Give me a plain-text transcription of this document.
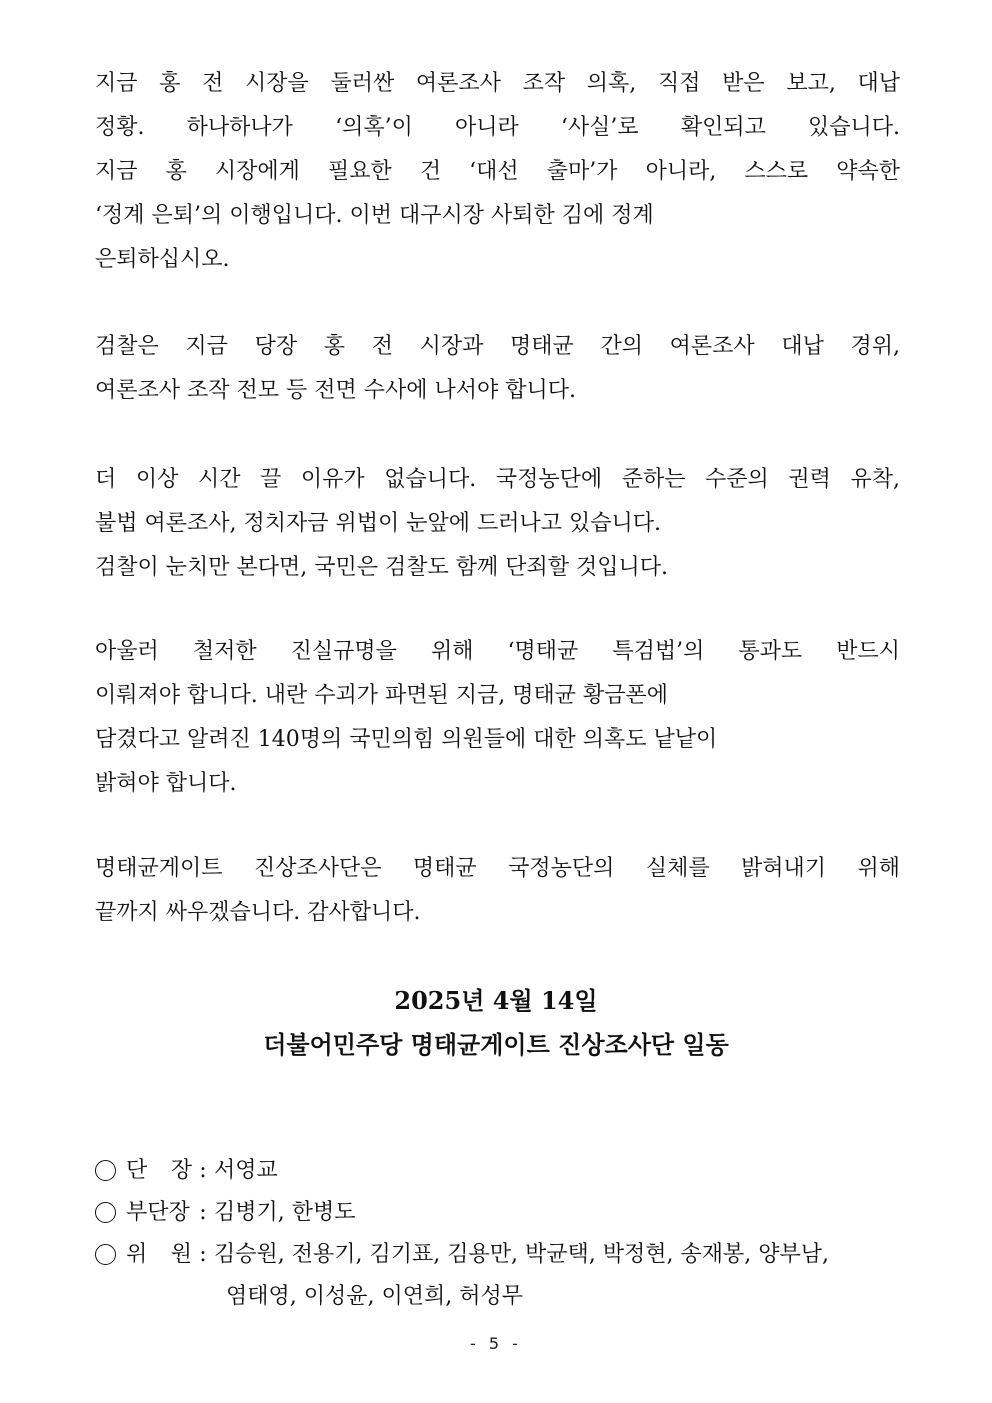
지금 홍 전 시장을 둘러싼 여론조사 조작 의혹, 직접 받은 보고, 대납
정황. 하나하나가 ‘의혹’이 아니라 ‘사실’로 확인되고 있습니다.
지금 홍 시장에게 필요한 건 ‘대선 출마’가 아니라, 스스로 약속한
‘정계 은퇴’의 이행입니다. 이번 대구시장 사퇴한 김에 정계
은퇴하십시오.
검찰은 지금 당장 홍 전 시장과 명태균 간의 여론조사 대납 경위,
여론조사 조작 전모 등 전면 수사에 나서야 합니다.
더 이상 시간 끌 이유가 없습니다. 국정농단에 준하는 수준의 권력 유착,
불법 여론조사, 정치자금 위법이 눈앞에 드러나고 있습니다.
검찰이 눈치만 본다면, 국민은 검찰도 함께 단죄할 것입니다.
아울러 철저한 진실규명을 위해 ‘명태균 특검법’의 통과도 반드시
이뤄져야 합니다. 내란 수괴가 파면된 지금, 명태균 황금폰에
담겼다고 알려진 140명의 국민의힘 의원들에 대한 의혹도 낱낱이
밝혀야 합니다.
명태균게이트 진상조사단은 명태균 국정농단의 실체를 밝혀내기 위해
끝까지 싸우겠습니다. 감사합니다.
2025년 4월 14일
더불어민주당 명태균게이트 진상조사단 일동
단 장 : 서영교
부단장 : 김병기, 한병도
위 원 : 김승원, 전용기, 김기표, 김용만, 박균택, 박정현, 송재봉, 양부남,
염태영, 이성윤, 이연희, 허성무
- 5 -
